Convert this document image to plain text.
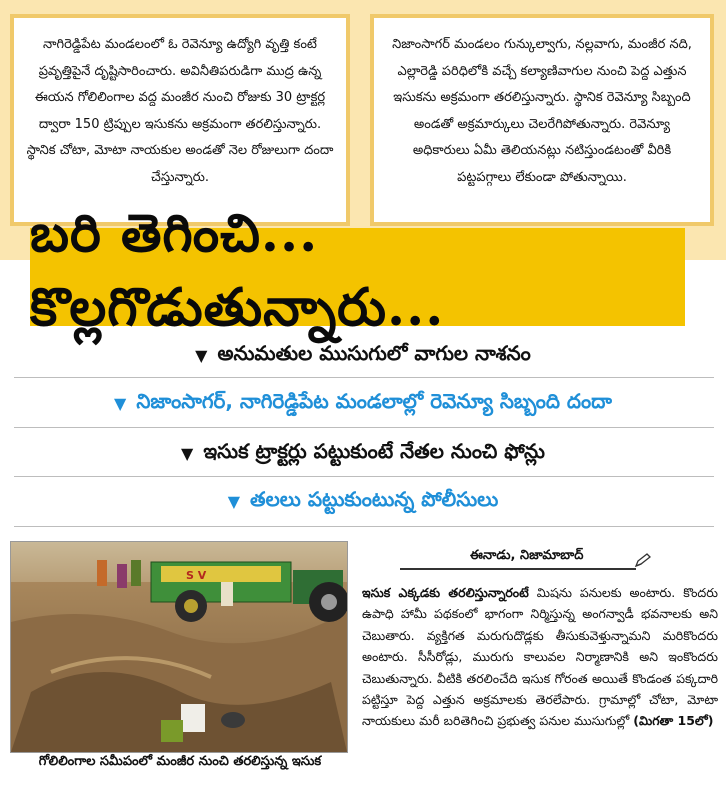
నాగిరెడ్డిపేట మండలంలో ఓ రెవెన్యూ ఉద్యోగి వృత్తి కంటే ప్రవృత్తిపైనే దృష్టిసారించారు. అవినీతిపరుడిగా ముద్ర ఉన్న ఈయన గోలిలింగాల వద్ద మంజీర నుంచి రోజుకు 30 ట్రాక్టర్ల ద్వారా 150 ట్రిప్పుల ఇసుకను అక్రమంగా తరలిస్తున్నారు. స్థానిక చోటా, మోటా నాయకుల అండతో నెల రోజులుగా దందా చేస్తున్నారు.

నిజాంసాగర్ మండలం గున్కుల్వాగు, నల్లవాగు, మంజీర నది, ఎల్లారెడ్డి పరిధిలోకి వచ్చే కల్యాణివాగుల నుంచి పెద్ద ఎత్తున ఇసుకను అక్రమంగా తరలిస్తున్నారు. స్థానిక రెవెన్యూ సిబ్బంది అండతో అక్రమార్కులు చెలరేగిపోతున్నారు. రెవెన్యూ అధికారులు ఏమీ తెలియనట్లు నటిస్తుండటంతో వీరికి పట్టపగ్గాలు లేకుండా పోతున్నాయి.

బరి తెగించి... కొల్లగొడుతున్నారు...
▼ అనుమతుల ముసుగులో వాగుల నాశనం
▼ నిజాంసాగర్, నాగిరెడ్డిపేట మండలాల్లో రెవెన్యూ సిబ్బంది దందా
▼ ఇసుక ట్రాక్టర్లు పట్టుకుంటే నేతల నుంచి ఫోన్లు
▼ తలలు పట్టుకుంటున్న పోలీసులు
S V
గోలిలింగాల సమీపంలో మంజీర నుంచి తరలిస్తున్న ఇసుక
ఈనాడు, నిజామాబాద్
ఇసుక ఎక్కడకు తరలిస్తున్నారంటే మిషను పనులకు అంటారు. కొందరు ఉపాధి హామీ పథకంలో భాగంగా నిర్మిస్తున్న అంగన్వాడీ భవనాలకు అని చెబుతారు. వ్యక్తిగత మరుగుదొడ్లకు తీసుకువెళ్తున్నామని మరికొందరు అంటారు. సీసీరోడ్లు, మురుగు కాలువల నిర్మాణానికి అని ఇంకొందరు చెబుతున్నారు. వీటికి తరలించేది ఇసుక గోరంత అయితే కొండంత పక్కదారి పట్టిస్తూ పెద్ద ఎత్తున అక్రమాలకు తెరలేపారు. గ్రామాల్లో చోటా, మోటా నాయకులు మరీ బరితెగించి ప్రభుత్వ పనుల ముసుగుల్లో (మిగతా 15లో)
